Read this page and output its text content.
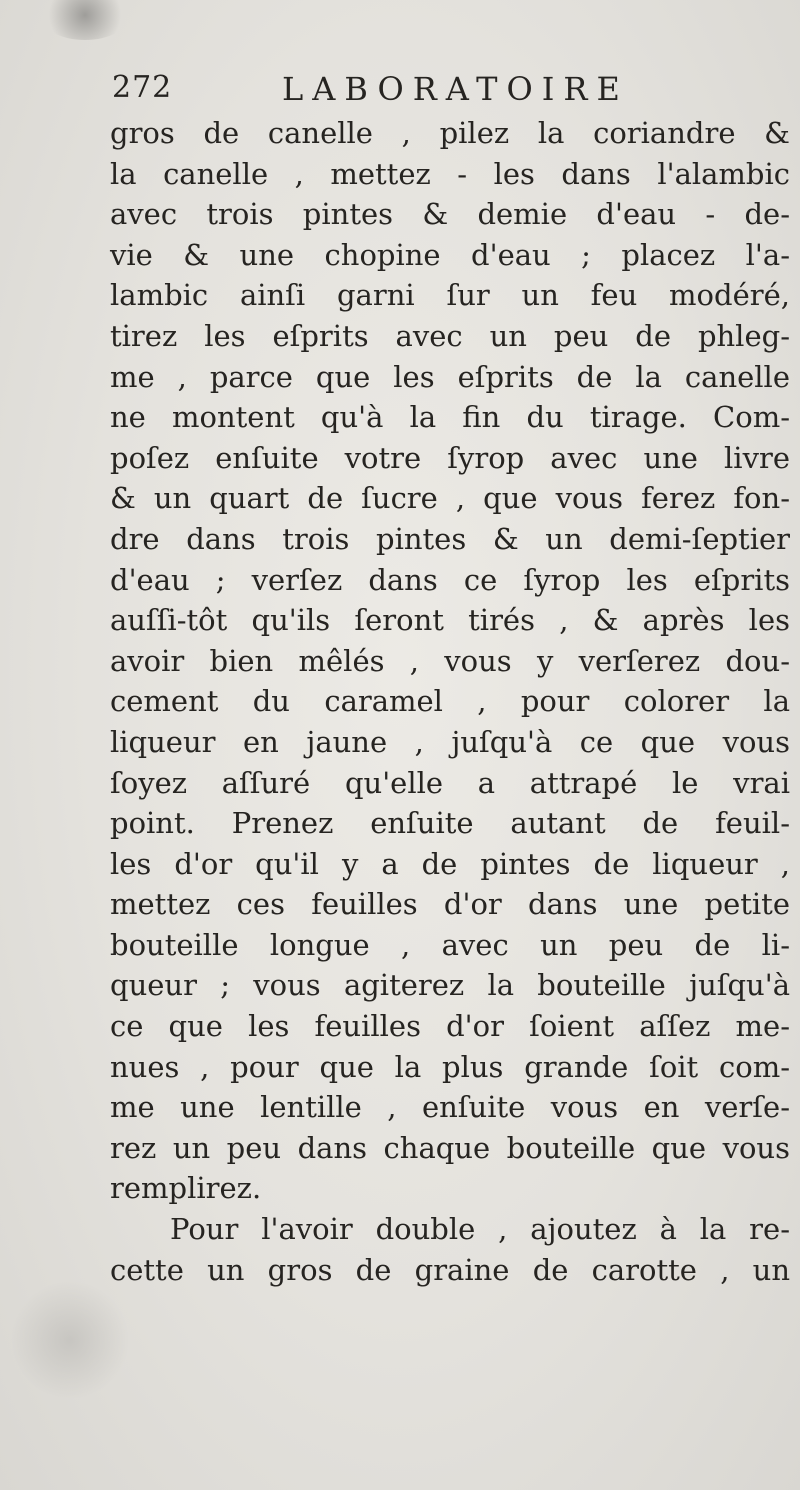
272	LABORATOIRE
gros de canelle , pilez la coriandre &
la canelle , mettez - les dans l'alambic
avec trois pintes & demie d'eau - de-
vie & une chopine d'eau ; placez l'a-
lambic ainſi garni ſur un feu modéré,
tirez les eſprits avec un peu de phleg-
me , parce que les eſprits de la canelle
ne montent qu'à la fin du tirage. Com-
poſez enſuite votre ſyrop avec une livre
& un quart de ſucre , que vous ferez fon-
dre dans trois pintes & un demi-ſeptier
d'eau ; verſez dans ce ſyrop les eſprits
auſſi-tôt qu'ils ſeront tirés , & après les
avoir bien mêlés , vous y verſerez dou-
cement du caramel , pour colorer la
liqueur en jaune , juſqu'à ce que vous
ſoyez aſſuré qu'elle a attrapé le vrai
point. Prenez enſuite autant de feuil-
les d'or qu'il y a de pintes de liqueur ,
mettez ces feuilles d'or dans une petite
bouteille longue , avec un peu de li-
queur ; vous agiterez la bouteille juſqu'à
ce que les feuilles d'or ſoient aſſez me-
nues , pour que la plus grande ſoit com-
me une lentille , enſuite vous en verſe-
rez un peu dans chaque bouteille que vous
remplirez.
Pour l'avoir double , ajoutez à la re-
cette un gros de graine de carotte , un
